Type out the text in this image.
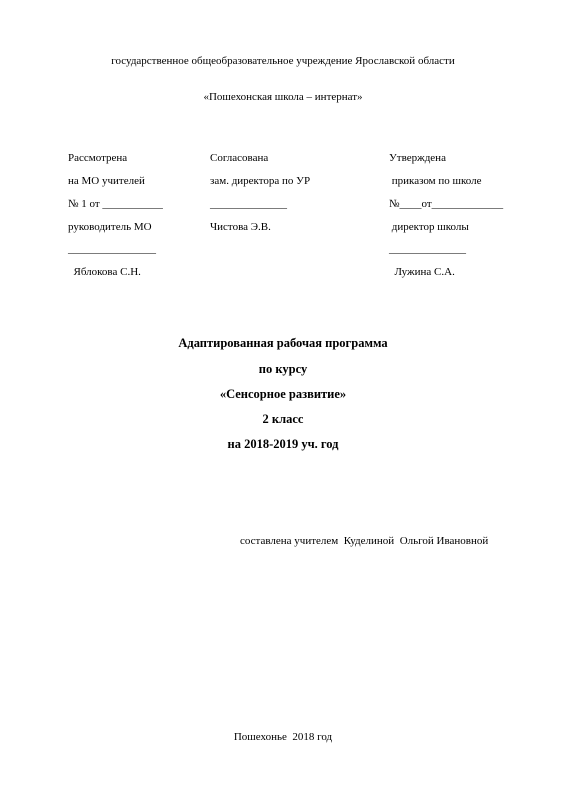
государственное общеобразовательное учреждение Ярославской области
«Пошехонская школа – интернат»
Рассмотрена
на МО учителей
№ 1 от ___________
руководитель МО
________________
Яблокова С.Н.
Согласована
зам. директора по УР
______________
Чистова Э.В.
Утверждена
приказом по школе
№____от_____________
директор школы
______________
Лужина С.А.
Адаптированная рабочая программа
по курсу
«Сенсорное развитие»
2 класс
на 2018-2019 уч. год
составлена учителем  Куделиной  Ольгой Ивановной
Пошехонье  2018 год
